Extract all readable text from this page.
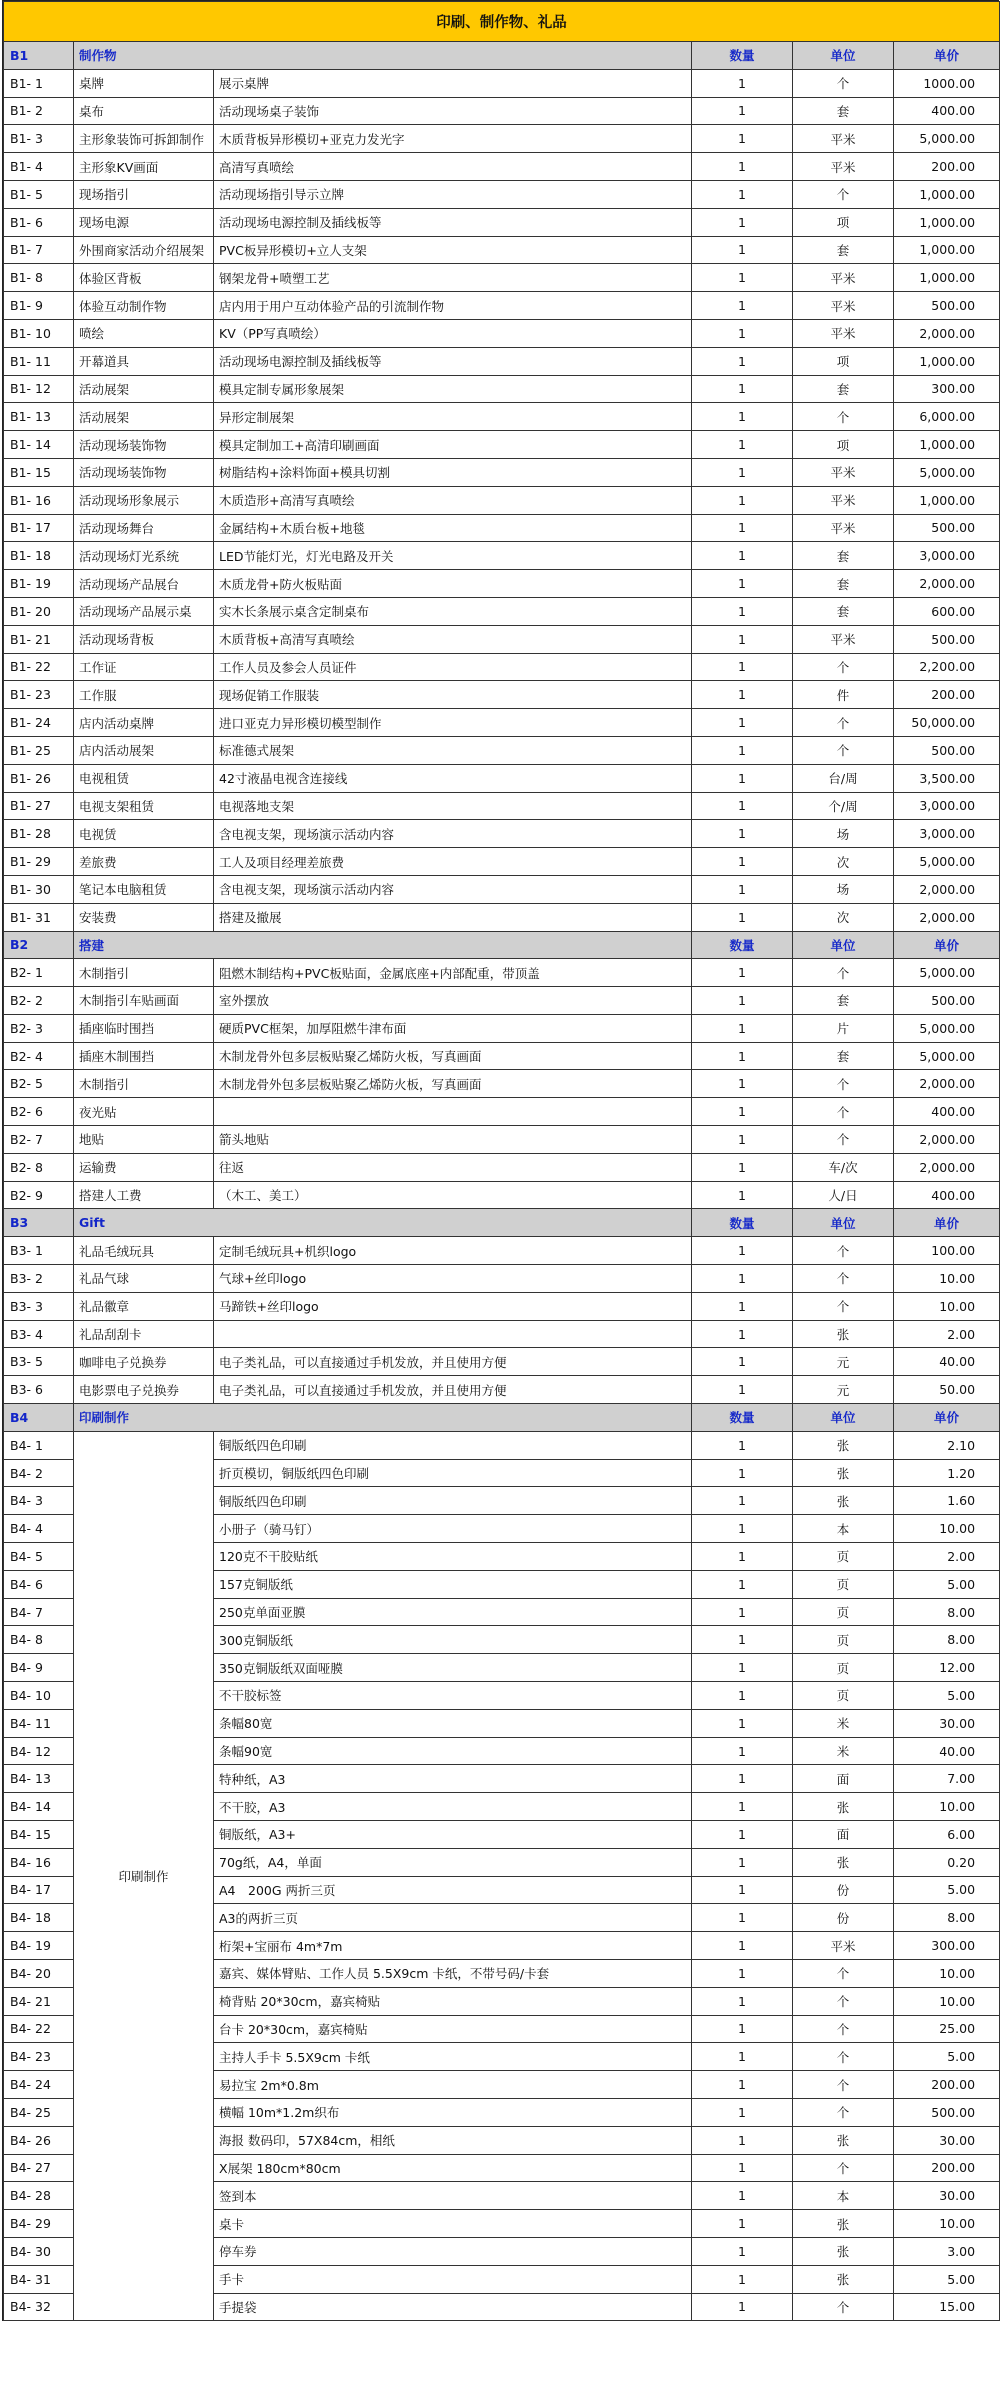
印刷、制作物、礼品					
B1	制作物		数量	单位	单价
B1- 1	桌牌	展示桌牌	1	个	1000.00
B1- 2	桌布	活动现场桌子装饰	1	套	400.00
B1- 3	主形象装饰可拆卸制作	木质背板异形模切+亚克力发光字	1	平米	5,000.00
B1- 4	主形象KV画面	高清写真喷绘	1	平米	200.00
B1- 5	现场指引	活动现场指引导示立牌	1	个	1,000.00
B1- 6	现场电源	活动现场电源控制及插线板等	1	项	1,000.00
B1- 7	外围商家活动介绍展架	PVC板异形模切+立人支架	1	套	1,000.00
B1- 8	体验区背板	钢架龙骨+喷塑工艺	1	平米	1,000.00
B1- 9	体验互动制作物	店内用于用户互动体验产品的引流制作物	1	平米	500.00
B1- 10	喷绘	KV（PP写真喷绘）	1	平米	2,000.00
B1- 11	开幕道具	活动现场电源控制及插线板等	1	项	1,000.00
B1- 12	活动展架	模具定制专属形象展架	1	套	300.00
B1- 13	活动展架	异形定制展架	1	个	6,000.00
B1- 14	活动现场装饰物	模具定制加工+高清印刷画面	1	项	1,000.00
B1- 15	活动现场装饰物	树脂结构+涂料饰面+模具切割	1	平米	5,000.00
B1- 16	活动现场形象展示	木质造形+高清写真喷绘	1	平米	1,000.00
B1- 17	活动现场舞台	金属结构+木质台板+地毯	1	平米	500.00
B1- 18	活动现场灯光系统	LED节能灯光，灯光电路及开关	1	套	3,000.00
B1- 19	活动现场产品展台	木质龙骨+防火板贴面	1	套	2,000.00
B1- 20	活动现场产品展示桌	实木长条展示桌含定制桌布	1	套	600.00
B1- 21	活动现场背板	木质背板+高清写真喷绘	1	平米	500.00
B1- 22	工作证	工作人员及参会人员证件	1	个	2,200.00
B1- 23	工作服	现场促销工作服装	1	件	200.00
B1- 24	店内活动桌牌	进口亚克力异形模切模型制作	1	个	50,000.00
B1- 25	店内活动展架	标准德式展架	1	个	500.00
B1- 26	电视租赁	42寸液晶电视含连接线	1	台/周	3,500.00
B1- 27	电视支架租赁	电视落地支架	1	个/周	3,000.00
B1- 28	电视赁	含电视支架，现场演示活动内容	1	场	3,000.00
B1- 29	差旅费	工人及项目经理差旅费	1	次	5,000.00
B1- 30	笔记本电脑租赁	含电视支架，现场演示活动内容	1	场	2,000.00
B1- 31	安装费	搭建及撤展	1	次	2,000.00
B2	搭建		数量	单位	单价
B2- 1	木制指引	阻燃木制结构+PVC板贴面，金属底座+内部配重，带顶盖	1	个	5,000.00
B2- 2	木制指引车贴画面	室外摆放	1	套	500.00
B2- 3	插座临时围挡	硬质PVC框架，加厚阻燃牛津布面	1	片	5,000.00
B2- 4	插座木制围挡	木制龙骨外包多层板贴聚乙烯防火板，写真画面	1	套	5,000.00
B2- 5	木制指引	木制龙骨外包多层板贴聚乙烯防火板，写真画面	1	个	2,000.00
B2- 6	夜光贴		1	个	400.00
B2- 7	地贴	箭头地贴	1	个	2,000.00
B2- 8	运输费	往返	1	车/次	2,000.00
B2- 9	搭建人工费	（木工、美工）	1	人/日	400.00
B3	Gift		数量	单位	单价
B3- 1	礼品毛绒玩具	定制毛绒玩具+机织logo	1	个	100.00
B3- 2	礼品气球	气球+丝印logo	1	个	10.00
B3- 3	礼品徽章	马蹄铁+丝印logo	1	个	10.00
B3- 4	礼品刮刮卡		1	张	2.00
B3- 5	咖啡电子兑换券	电子类礼品，可以直接通过手机发放，并且使用方便	1	元	40.00
B3- 6	电影票电子兑换券	电子类礼品，可以直接通过手机发放，并且使用方便	1	元	50.00
B4	印刷制作		数量	单位	单价
B4- 1	印刷制作	铜版纸四色印刷	1	张	2.10
B4- 2		折页模切，铜版纸四色印刷	1	张	1.20
B4- 3		铜版纸四色印刷	1	张	1.60
B4- 4		小册子（骑马钉）	1	本	10.00
B4- 5		120克不干胶贴纸	1	页	2.00
B4- 6		157克铜版纸	1	页	5.00
B4- 7		250克单面亚膜	1	页	8.00
B4- 8		300克铜版纸	1	页	8.00
B4- 9		350克铜版纸双面哑膜	1	页	12.00
B4- 10		不干胶标签	1	页	5.00
B4- 11		条幅80宽	1	米	30.00
B4- 12		条幅90宽	1	米	40.00
B4- 13		特种纸，A3	1	面	7.00
B4- 14		不干胶，A3	1	张	10.00
B4- 15		铜版纸，A3+	1	面	6.00
B4- 16		70g纸，A4，单面	1	张	0.20
B4- 17		A4　200G 两折三页	1	份	5.00
B4- 18		A3的两折三页	1	份	8.00
B4- 19		桁架+宝丽布 4m*7m	1	平米	300.00
B4- 20		嘉宾、媒体臂贴、工作人员 5.5X9cm 卡纸，不带号码/卡套	1	个	10.00
B4- 21		椅背贴 20*30cm，嘉宾椅贴	1	个	10.00
B4- 22		台卡 20*30cm，嘉宾椅贴	1	个	25.00
B4- 23		主持人手卡 5.5X9cm 卡纸	1	个	5.00
B4- 24		易拉宝 2m*0.8m	1	个	200.00
B4- 25		横幅 10m*1.2m织布	1	个	500.00
B4- 26		海报 数码印，57X84cm，相纸	1	张	30.00
B4- 27		X展架 180cm*80cm	1	个	200.00
B4- 28		签到本	1	本	30.00
B4- 29		桌卡	1	张	10.00
B4- 30		停车券	1	张	3.00
B4- 31		手卡	1	张	5.00
B4- 32		手提袋	1	个	15.00
